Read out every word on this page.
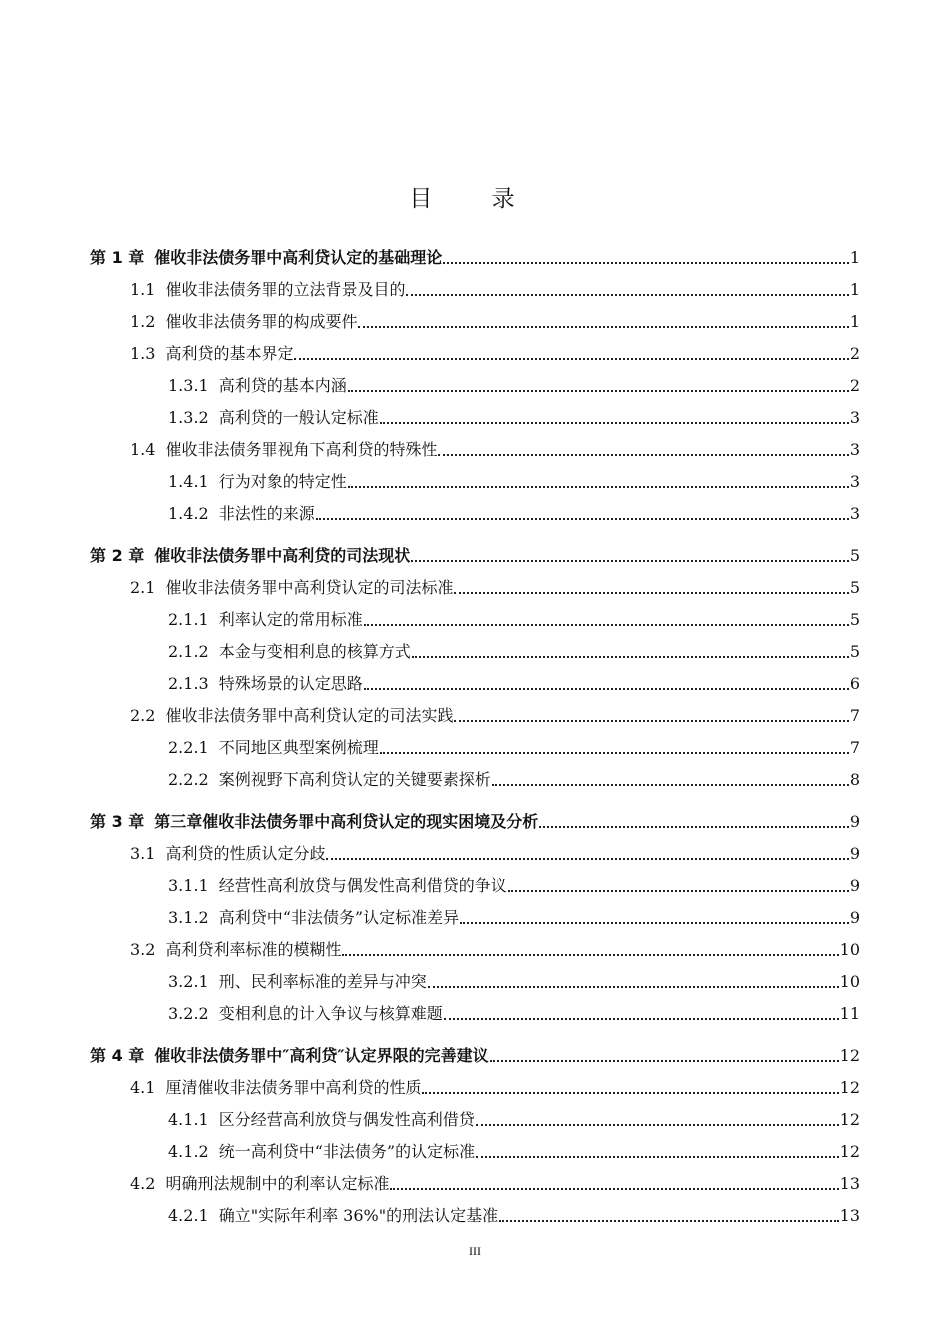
目 录
第 1 章 催收非法债务罪中高利贷认定的基础理论	1
1.1 催收非法债务罪的立法背景及目的	1
1.2 催收非法债务罪的构成要件	1
1.3 高利贷的基本界定	2
1.3.1 高利贷的基本内涵	2
1.3.2 高利贷的一般认定标准	3
1.4 催收非法债务罪视角下高利贷的特殊性	3
1.4.1 行为对象的特定性	3
1.4.2 非法性的来源	3
第 2 章 催收非法债务罪中高利贷的司法现状	5
2.1 催收非法债务罪中高利贷认定的司法标准	5
2.1.1 利率认定的常用标准	5
2.1.2 本金与变相利息的核算方式	5
2.1.3 特殊场景的认定思路	6
2.2 催收非法债务罪中高利贷认定的司法实践	7
2.2.1 不同地区典型案例梳理	7
2.2.2 案例视野下高利贷认定的关键要素探析	8
第 3 章 第三章催收非法债务罪中高利贷认定的现实困境及分析	9
3.1 高利贷的性质认定分歧	9
3.1.1 经营性高利放贷与偶发性高利借贷的争议	9
3.1.2 高利贷中“非法债务”认定标准差异	9
3.2 高利贷利率标准的模糊性	10
3.2.1 刑、民利率标准的差异与冲突	10
3.2.2 变相利息的计入争议与核算难题	11
第 4 章 催收非法债务罪中″高利贷″认定界限的完善建议	12
4.1 厘清催收非法债务罪中高利贷的性质	12
4.1.1 区分经营高利放贷与偶发性高利借贷	12
4.1.2 统一高利贷中“非法债务”的认定标准	12
4.2 明确刑法规制中的利率认定标准	13
4.2.1 确立"实际年利率 36%"的刑法认定基准	13
III
